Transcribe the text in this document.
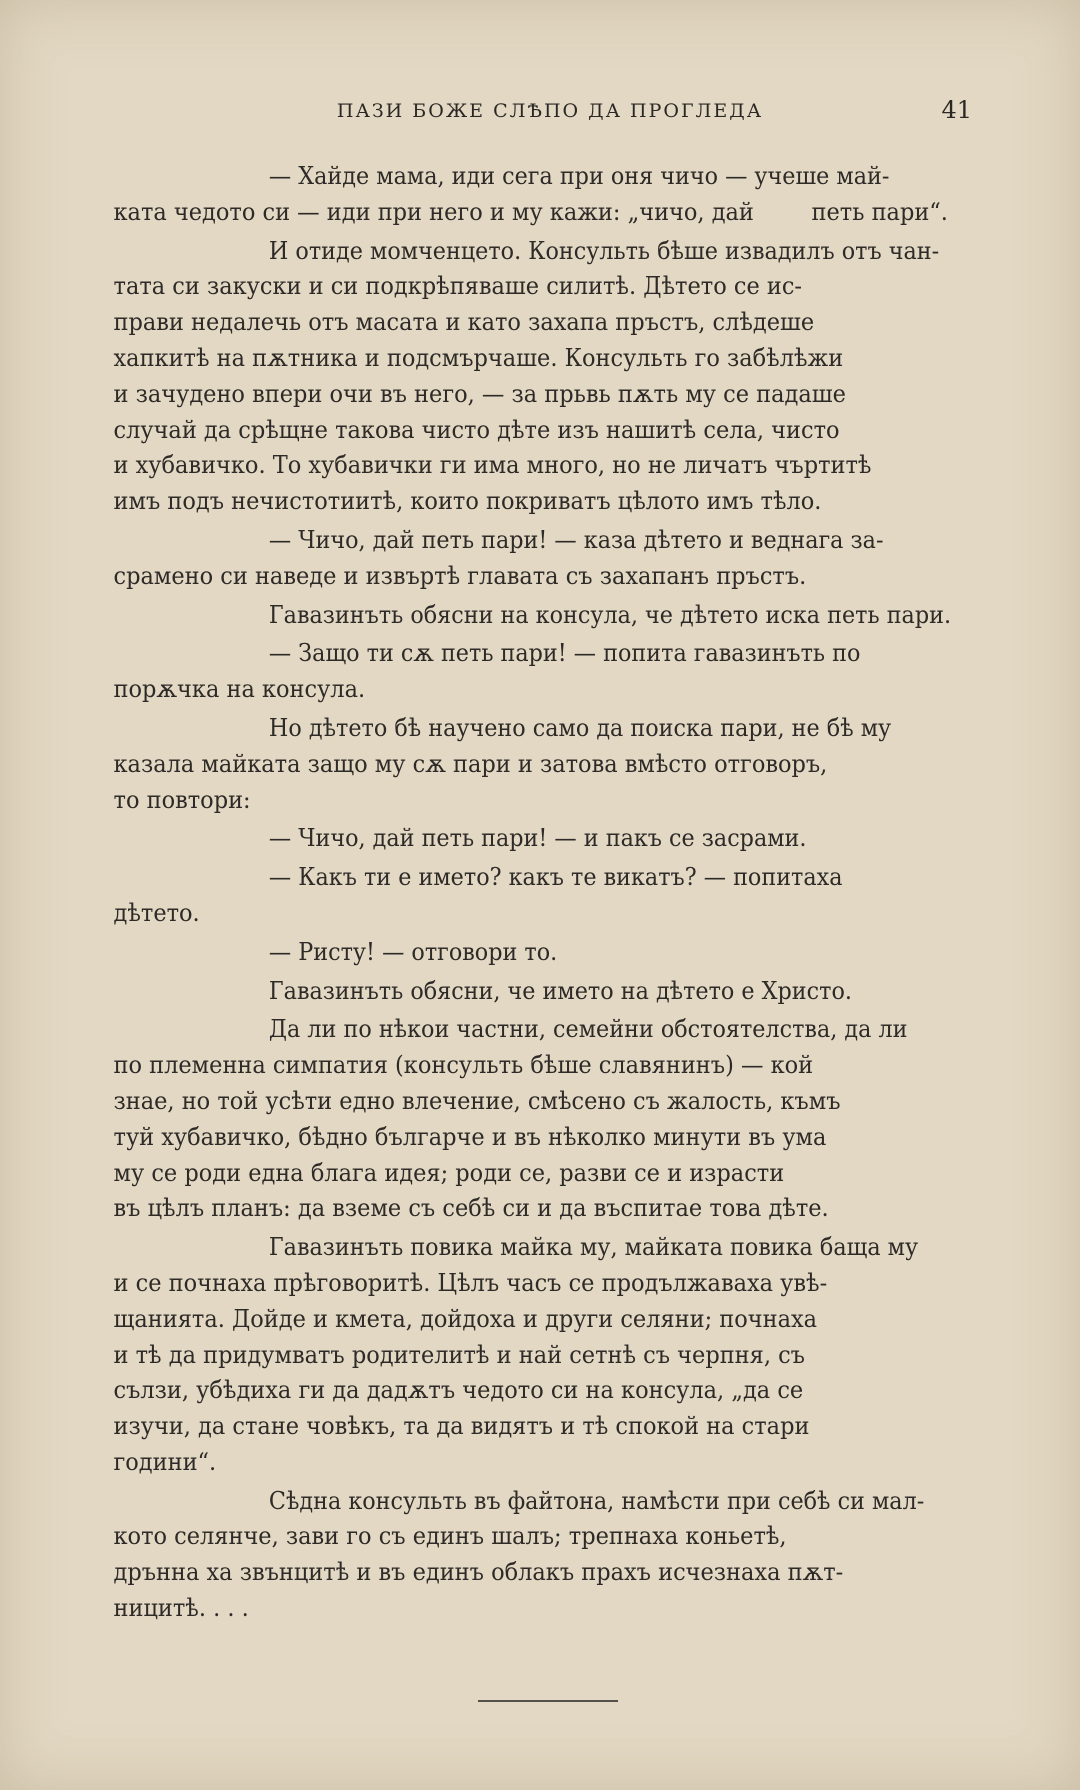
ПАЗИ БОЖЕ СЛѢПО ДА ПРОГЛЕДА	41
— Хайде мама, иди сега при оня чичо — учеше май-ката чедото си — иди при него и му кажи: „чичо, дай петь пари“.
И отиде момченцето. Консульть бѣше извадилъ отъ чан-тата си закуски и си подкрѣпяваше силитѣ. Дѣтето се ис-прави недалечь отъ масата и като захапа пръстъ, слѣдешехапкитѣ на пѫтника и подсмърчаше. Консульть го забѣлѣжии зачудено впери очи въ него, — за прьвь пѫть му се падашеслучай да срѣщне такова чисто дѣте изъ нашитѣ села, чистои хубавичко. То хубавички ги има много, но не личатъ чъртитѣимъ подъ нечистотиитѣ, които покриватъ цѣлото имъ тѣло.
— Чичо, дай петь пари! — каза дѣтето и веднага за-срамено си наведе и извъртѣ главата съ захапанъ пръстъ.
Гавазинъть обясни на консула, че дѣтето иска петь пари.
— Защо ти сѫ петь пари! — попита гавазинъть попорѫчка на консула.
Но дѣтето бѣ научено само да поиска пари, не бѣ муказала майката защо му сѫ пари и затова вмѣсто отговоръ,то повтори:
— Чичо, дай петь пари! — и пакъ се засрами.
— Какъ ти е името? какъ те викатъ? — попитахадѣтето.
— Ристу! — отговори то.
Гавазинъть обясни, че името на дѣтето е Христо.
Да ли по нѣкои частни, семейни обстоятелства, да липо племенна симпатия (консульть бѣше славянинъ) — койзнае, но той усѣти едно влечение, смѣсено съ жалость, къмътуй хубавичко, бѣдно българче и въ нѣколко минути въ умаму се роди една блага идея; роди се, разви се и израстивъ цѣлъ планъ: да вземе съ себѣ си и да въспитае това дѣте.
Гавазинъть повика майка му, майката повика баща муи се почнаха прѣговоритѣ. Цѣлъ часъ се продължаваха увѣ-щанията. Дойде и кмета, дойдоха и други селяни; почнахаи тѣ да придумватъ родителитѣ и най сетнѣ съ черпня, съсълзи, убѣдиха ги да дадѫтъ чедото си на консула, „да сеизучи, да стане човѣкъ, та да видятъ и тѣ спокой на старигодини“.
Сѣдна консульть въ файтона, намѣсти при себѣ си мал-кото селянче, зави го съ единъ шалъ; трепнаха коньетѣ,дрънна ха звънцитѣ и въ единъ облакъ прахъ исчезнаха пѫт-ницитѣ. . . .
